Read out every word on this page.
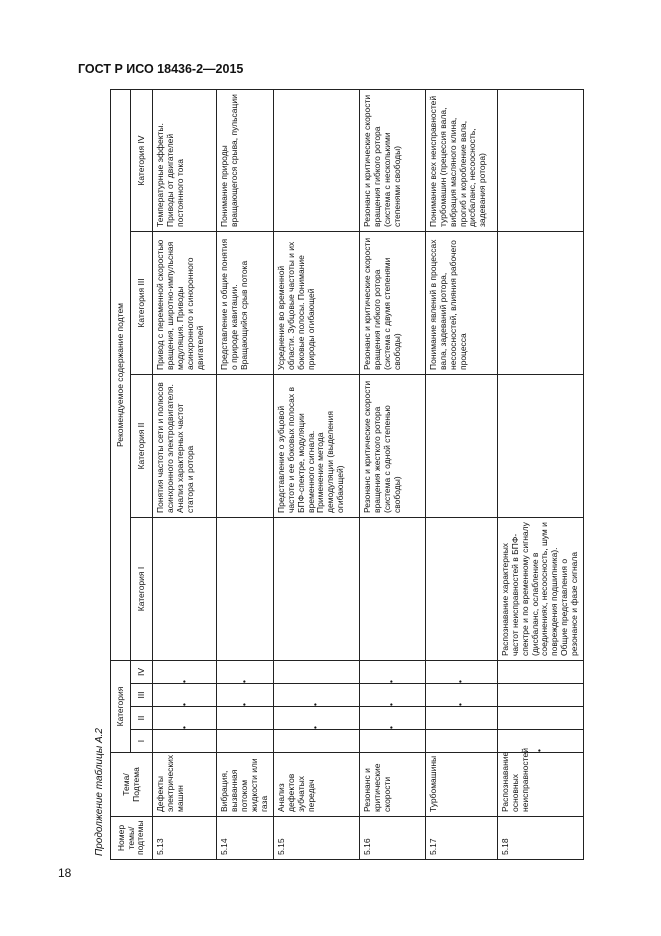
ГОСТ Р ИСО 18436-2—2015
18
Продолжение таблицы А.2 Номер темы/ подтемы	Тема/Подтема	Категория				Рекомендуемое содержание подтем			
		I	II	III	IV	Категория I	Категория II	Категория III	Категория IV
5.13	Дефекты электрических машин		•	•	•		Понятия частоты сети и полюсов асинхронного электродвигателя. Анализ характерных частот статора и ротора	Привод с переменной скоростью вращения, широтно-импульсная модуляция. Приводы асинхронного и синхронного двигателей	Температурные эффекты. Приводы от двигателей постоянного тока
5.14	Вибрация, вызванная потоком жидкости или газа			•	•			Представление и общие понятия о природе кавитации. Вращающийся срыв потока	Понимание природы вращающегося срыва, пульсации
5.15	Анализ дефектов зубчатых передач		•	•			Представление о зубцовой частоте и ее боковых полосах в БПФ-спектре, модуляции временного сигнала. Применение метода демодуляции (выделения огибающей)	Усреднение во временной области. Зубцовые частоты и их боковые полосы. Понимание природы огибающей	
5.16	Резонанс и критические скорости		•	•	•		Резонанс и критические скорости вращения жесткого ротора (система с одной степенью свободы)	Резонанс и критические скорости вращения гибкого ротора (система с двумя степенями свободы)	Резонанс и критические скорости вращения гибкого ротора (система с несколькими степенями свободы)
5.17	Турбомашины			•	•			Понимание явлений в процессах вала, задеваний ротора, несоосностей, влияния рабочего процесса	Понимание всех неисправностей турбомашин (прецессия вала, вибрация масляного клина, прогиб и коробление вала, дисбаланс, несоосность, задевания ротора)
5.18	Распознавание основных неисправностей	•				Распознавание характерных частот неисправностей в БПФ-спектре и по временному сигналу (дисбаланс, ослабление в соединениях, несоосность, шум и повреждения подшипника). Общие представления о резонансе и фазе сигнала			
